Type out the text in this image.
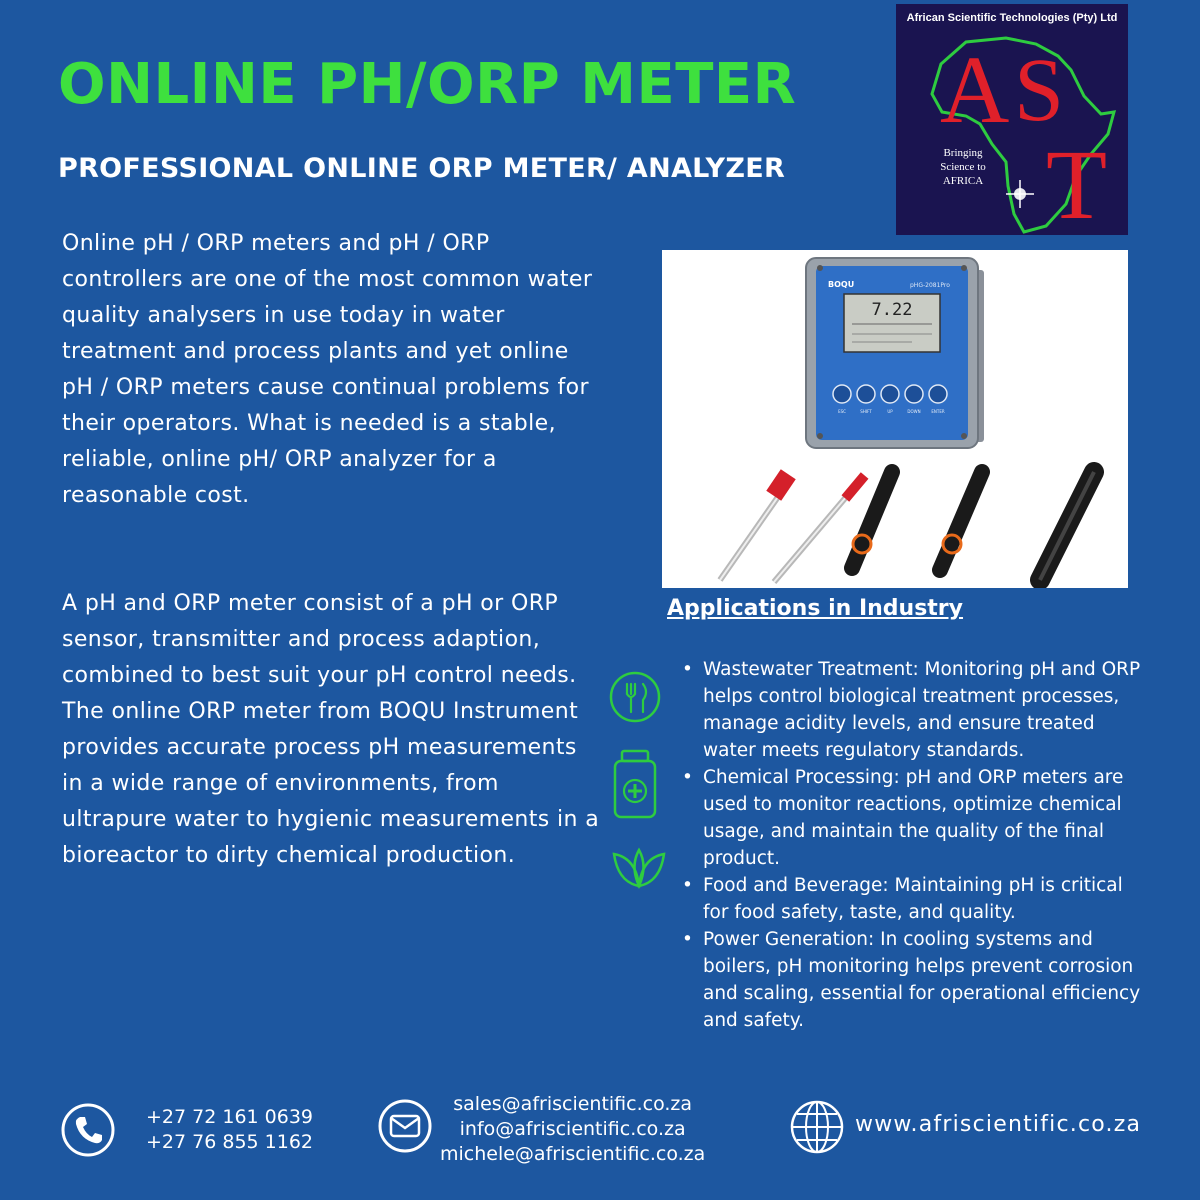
ONLINE PH/ORP METER
PROFESSIONAL ONLINE ORP METER/ ANALYZER
African Scientific Technologies (Pty) Ltd
A S
T
Bringing
Science to
AFRICA
Online pH / ORP meters and pH / ORP controllers are one of the most common water quality analysers in use today in water treatment and process plants and yet online pH / ORP meters cause continual problems for their operators. What is needed is a stable, reliable, online pH/ ORP analyzer for a reasonable cost.
A pH and ORP meter consist of a pH or ORP sensor, transmitter and process adaption, combined to best suit your pH control needs. The online ORP meter from BOQU Instrument provides accurate process pH measurements in a wide range of environments, from ultrapure water to hygienic measurements in a bioreactor to dirty chemical production.
BOQU	pHG-2081Pro
7.22
ESC	SHIFT	UP	DOWN	ENTER
Applications in Industry
• Wastewater Treatment: Monitoring pH and ORP helps control biological treatment processes, manage acidity levels, and ensure treated water meets regulatory standards.
• Chemical Processing: pH and ORP meters are used to monitor reactions, optimize chemical usage, and maintain the quality of the final product.
• Food and Beverage: Maintaining pH is critical for food safety, taste, and quality.
• Power Generation: In cooling systems and boilers, pH monitoring helps prevent corrosion and scaling, essential for operational efficiency and safety.
+27 72 161 0639
+27 76 855 1162
sales@afriscientific.co.za
info@afriscientific.co.za
michele@afriscientific.co.za
www.afriscientific.co.za
